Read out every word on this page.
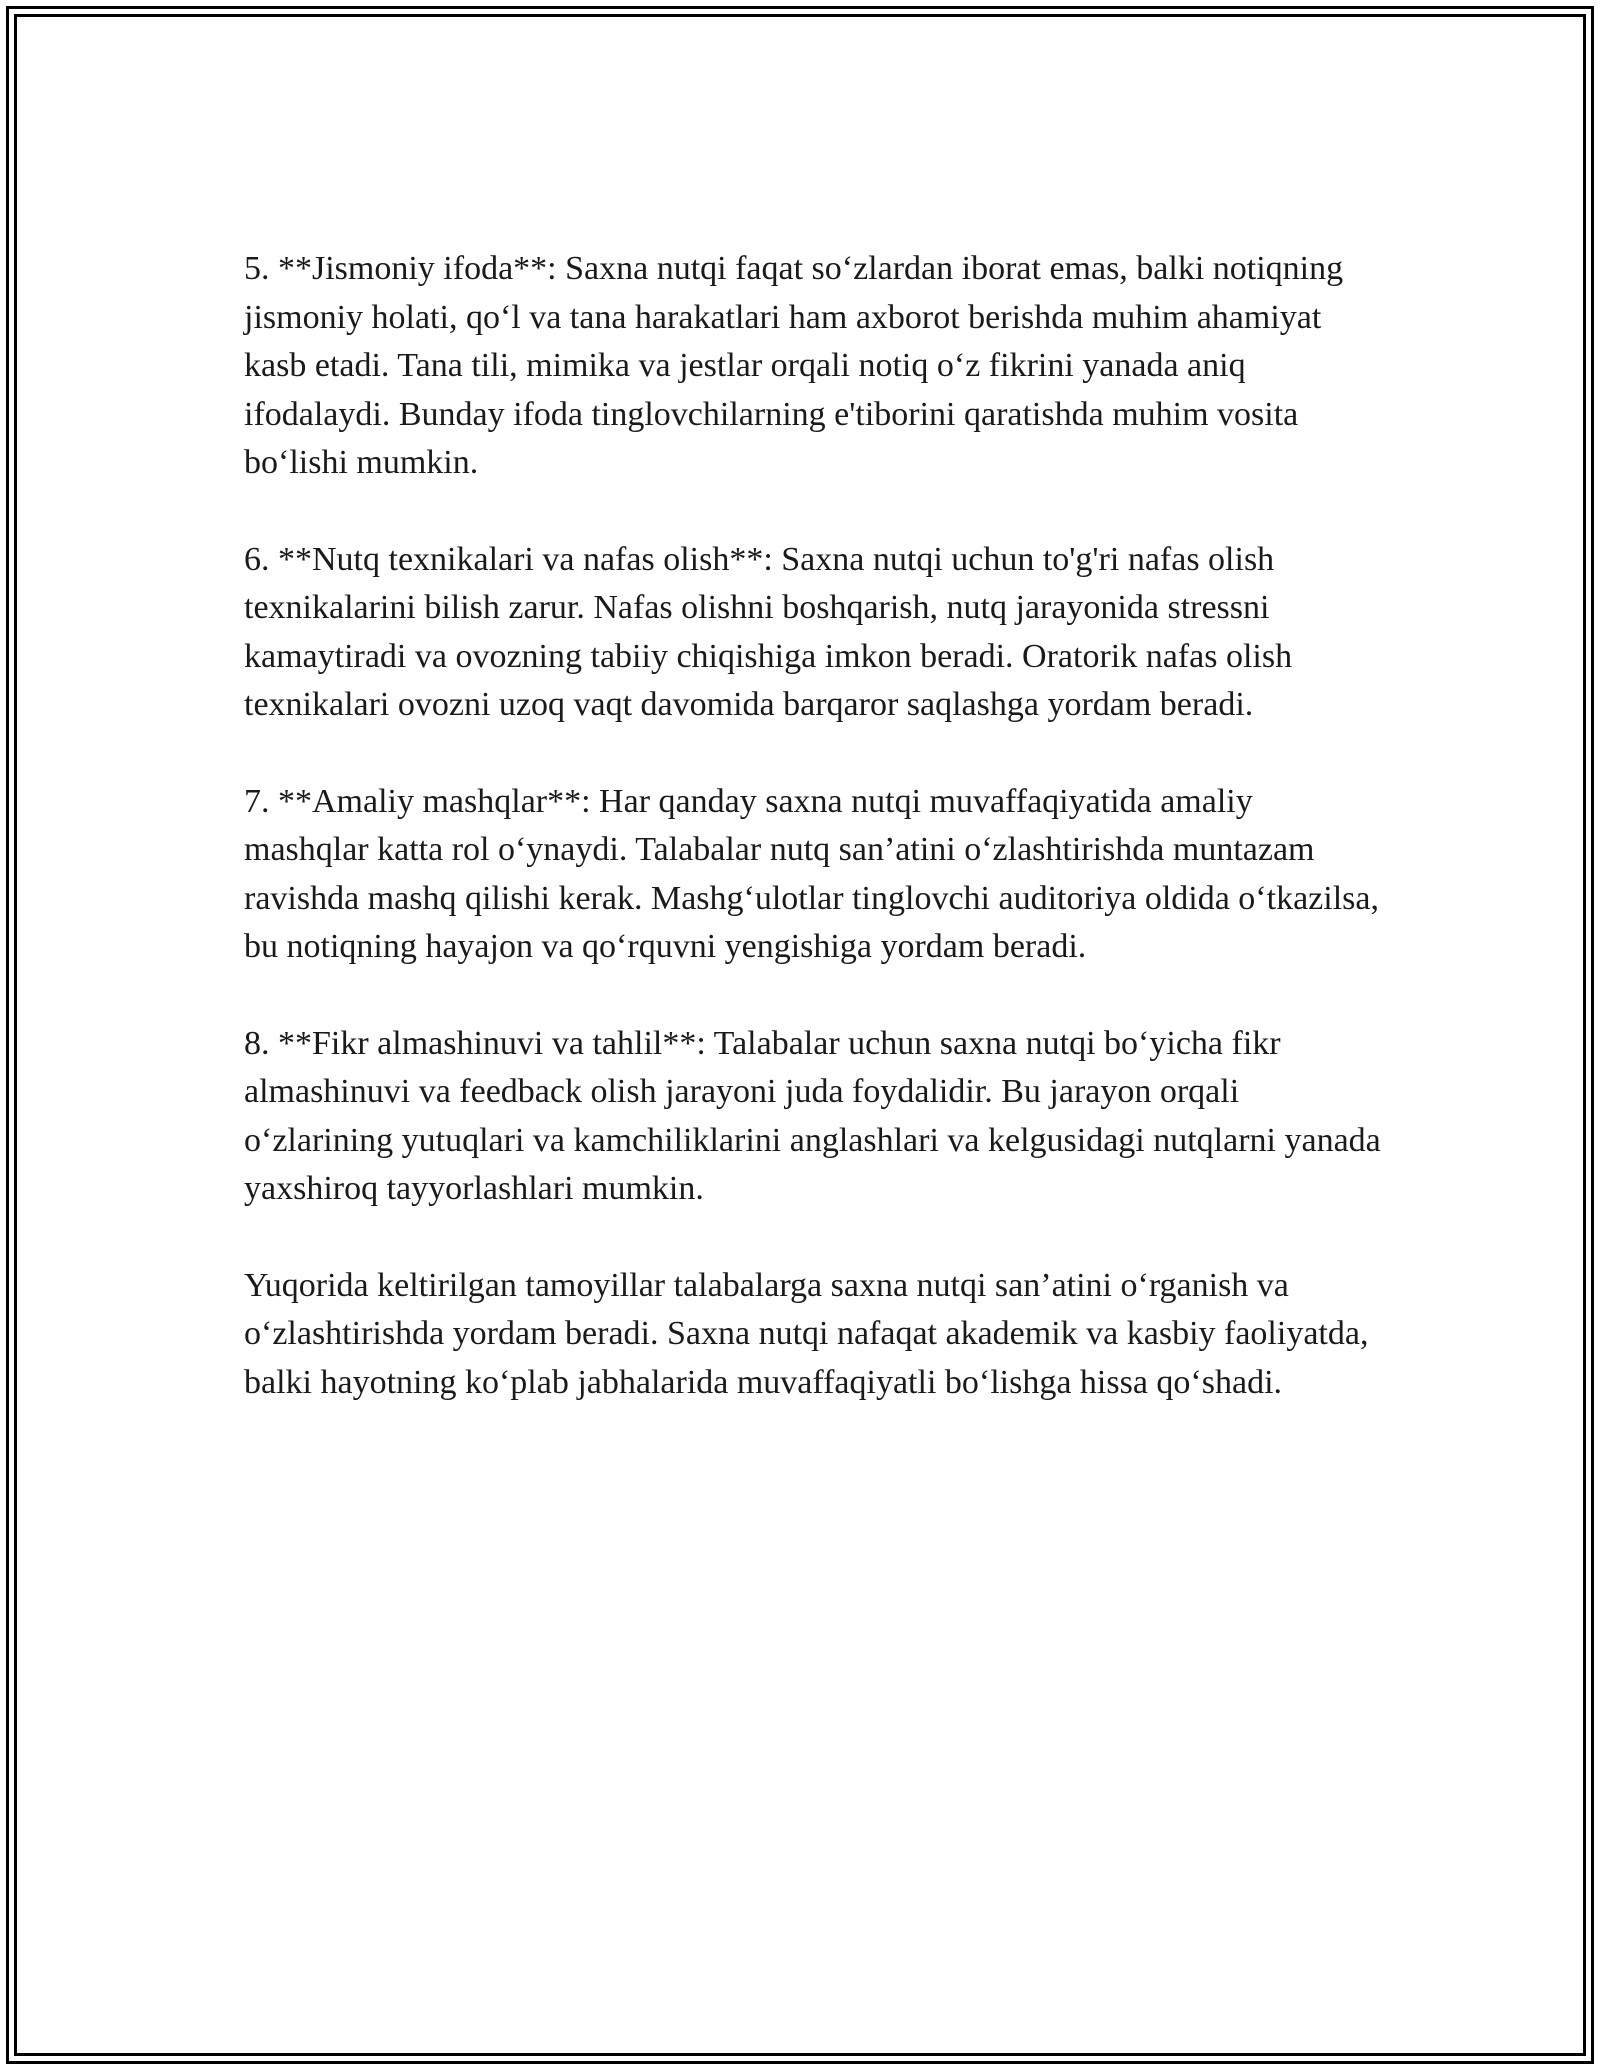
5. **Jismoniy ifoda**: Saxna nutqi faqat so‘zlardan iborat emas, balki notiqning jismoniy holati, qo‘l va tana harakatlari ham axborot berishda muhim ahamiyat kasb etadi. Tana tili, mimika va jestlar orqali notiq o‘z fikrini yanada aniq ifodalaydi. Bunday ifoda tinglovchilarning e'tiborini qaratishda muhim vosita bo‘lishi mumkin.

6. **Nutq texnikalari va nafas olish**: Saxna nutqi uchun to'g'ri nafas olish texnikalarini bilish zarur. Nafas olishni boshqarish, nutq jarayonida stressni kamaytiradi va ovozning tabiiy chiqishiga imkon beradi. Oratorik nafas olish texnikalari ovozni uzoq vaqt davomida barqaror saqlashga yordam beradi.

7. **Amaliy mashqlar**: Har qanday saxna nutqi muvaffaqiyatida amaliy mashqlar katta rol o‘ynaydi. Talabalar nutq san’atini o‘zlashtirishda muntazam ravishda mashq qilishi kerak. Mashg‘ulotlar tinglovchi auditoriya oldida o‘tkazilsa, bu notiqning hayajon va qo‘rquvni yengishiga yordam beradi.

8. **Fikr almashinuvi va tahlil**: Talabalar uchun saxna nutqi bo‘yicha fikr almashinuvi va feedback olish jarayoni juda foydalidir. Bu jarayon orqali o‘zlarining yutuqlari va kamchiliklarini anglashlari va kelgusidagi nutqlarni yanada yaxshiroq tayyorlashlari mumkin.

Yuqorida keltirilgan tamoyillar talabalarga saxna nutqi san’atini o‘rganish va o‘zlashtirishda yordam beradi. Saxna nutqi nafaqat akademik va kasbiy faoliyatda, balki hayotning ko‘plab jabhalarida muvaffaqiyatli bo‘lishga hissa qo‘shadi.
